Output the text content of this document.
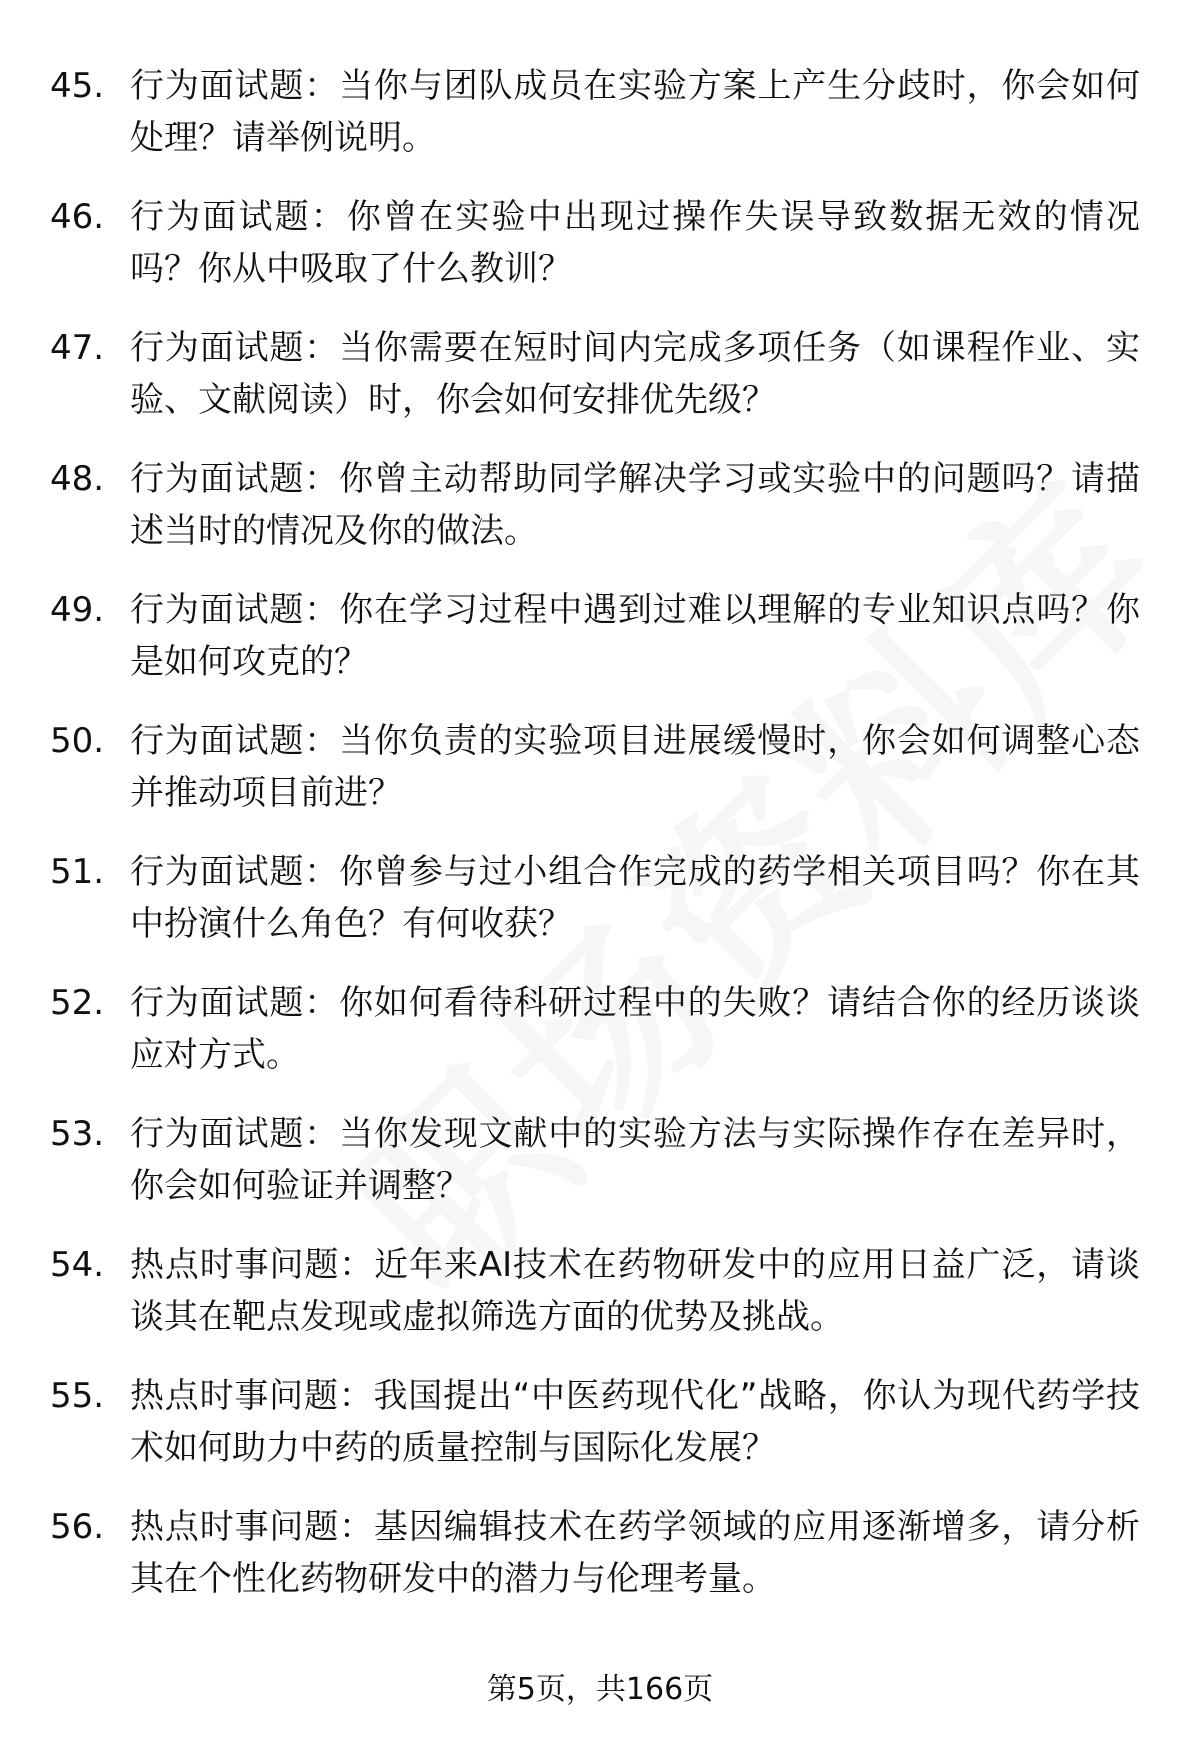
45. 行为面试题：当你与团队成员在实验方案上产生分歧时，你会如何处理？请举例说明。
46. 行为面试题：你曾在实验中出现过操作失误导致数据无效的情况吗？你从中吸取了什么教训？
47. 行为面试题：当你需要在短时间内完成多项任务（如课程作业、实验、文献阅读）时，你会如何安排优先级？
48. 行为面试题：你曾主动帮助同学解决学习或实验中的问题吗？请描述当时的情况及你的做法。
49. 行为面试题：你在学习过程中遇到过难以理解的专业知识点吗？你是如何攻克的？
50. 行为面试题：当你负责的实验项目进展缓慢时，你会如何调整心态并推动项目前进？
51. 行为面试题：你曾参与过小组合作完成的药学相关项目吗？你在其中扮演什么角色？有何收获？
52. 行为面试题：你如何看待科研过程中的失败？请结合你的经历谈谈应对方式。
53. 行为面试题：当你发现文献中的实验方法与实际操作存在差异时，你会如何验证并调整？
54. 热点时事问题：近年来AI技术在药物研发中的应用日益广泛，请谈谈其在靶点发现或虚拟筛选方面的优势及挑战。
55. 热点时事问题：我国提出“中医药现代化”战略，你认为现代药学技术如何助力中药的质量控制与国际化发展？
56. 热点时事问题：基因编辑技术在药学领域的应用逐渐增多，请分析其在个性化药物研发中的潜力与伦理考量。
第5页，共166页
